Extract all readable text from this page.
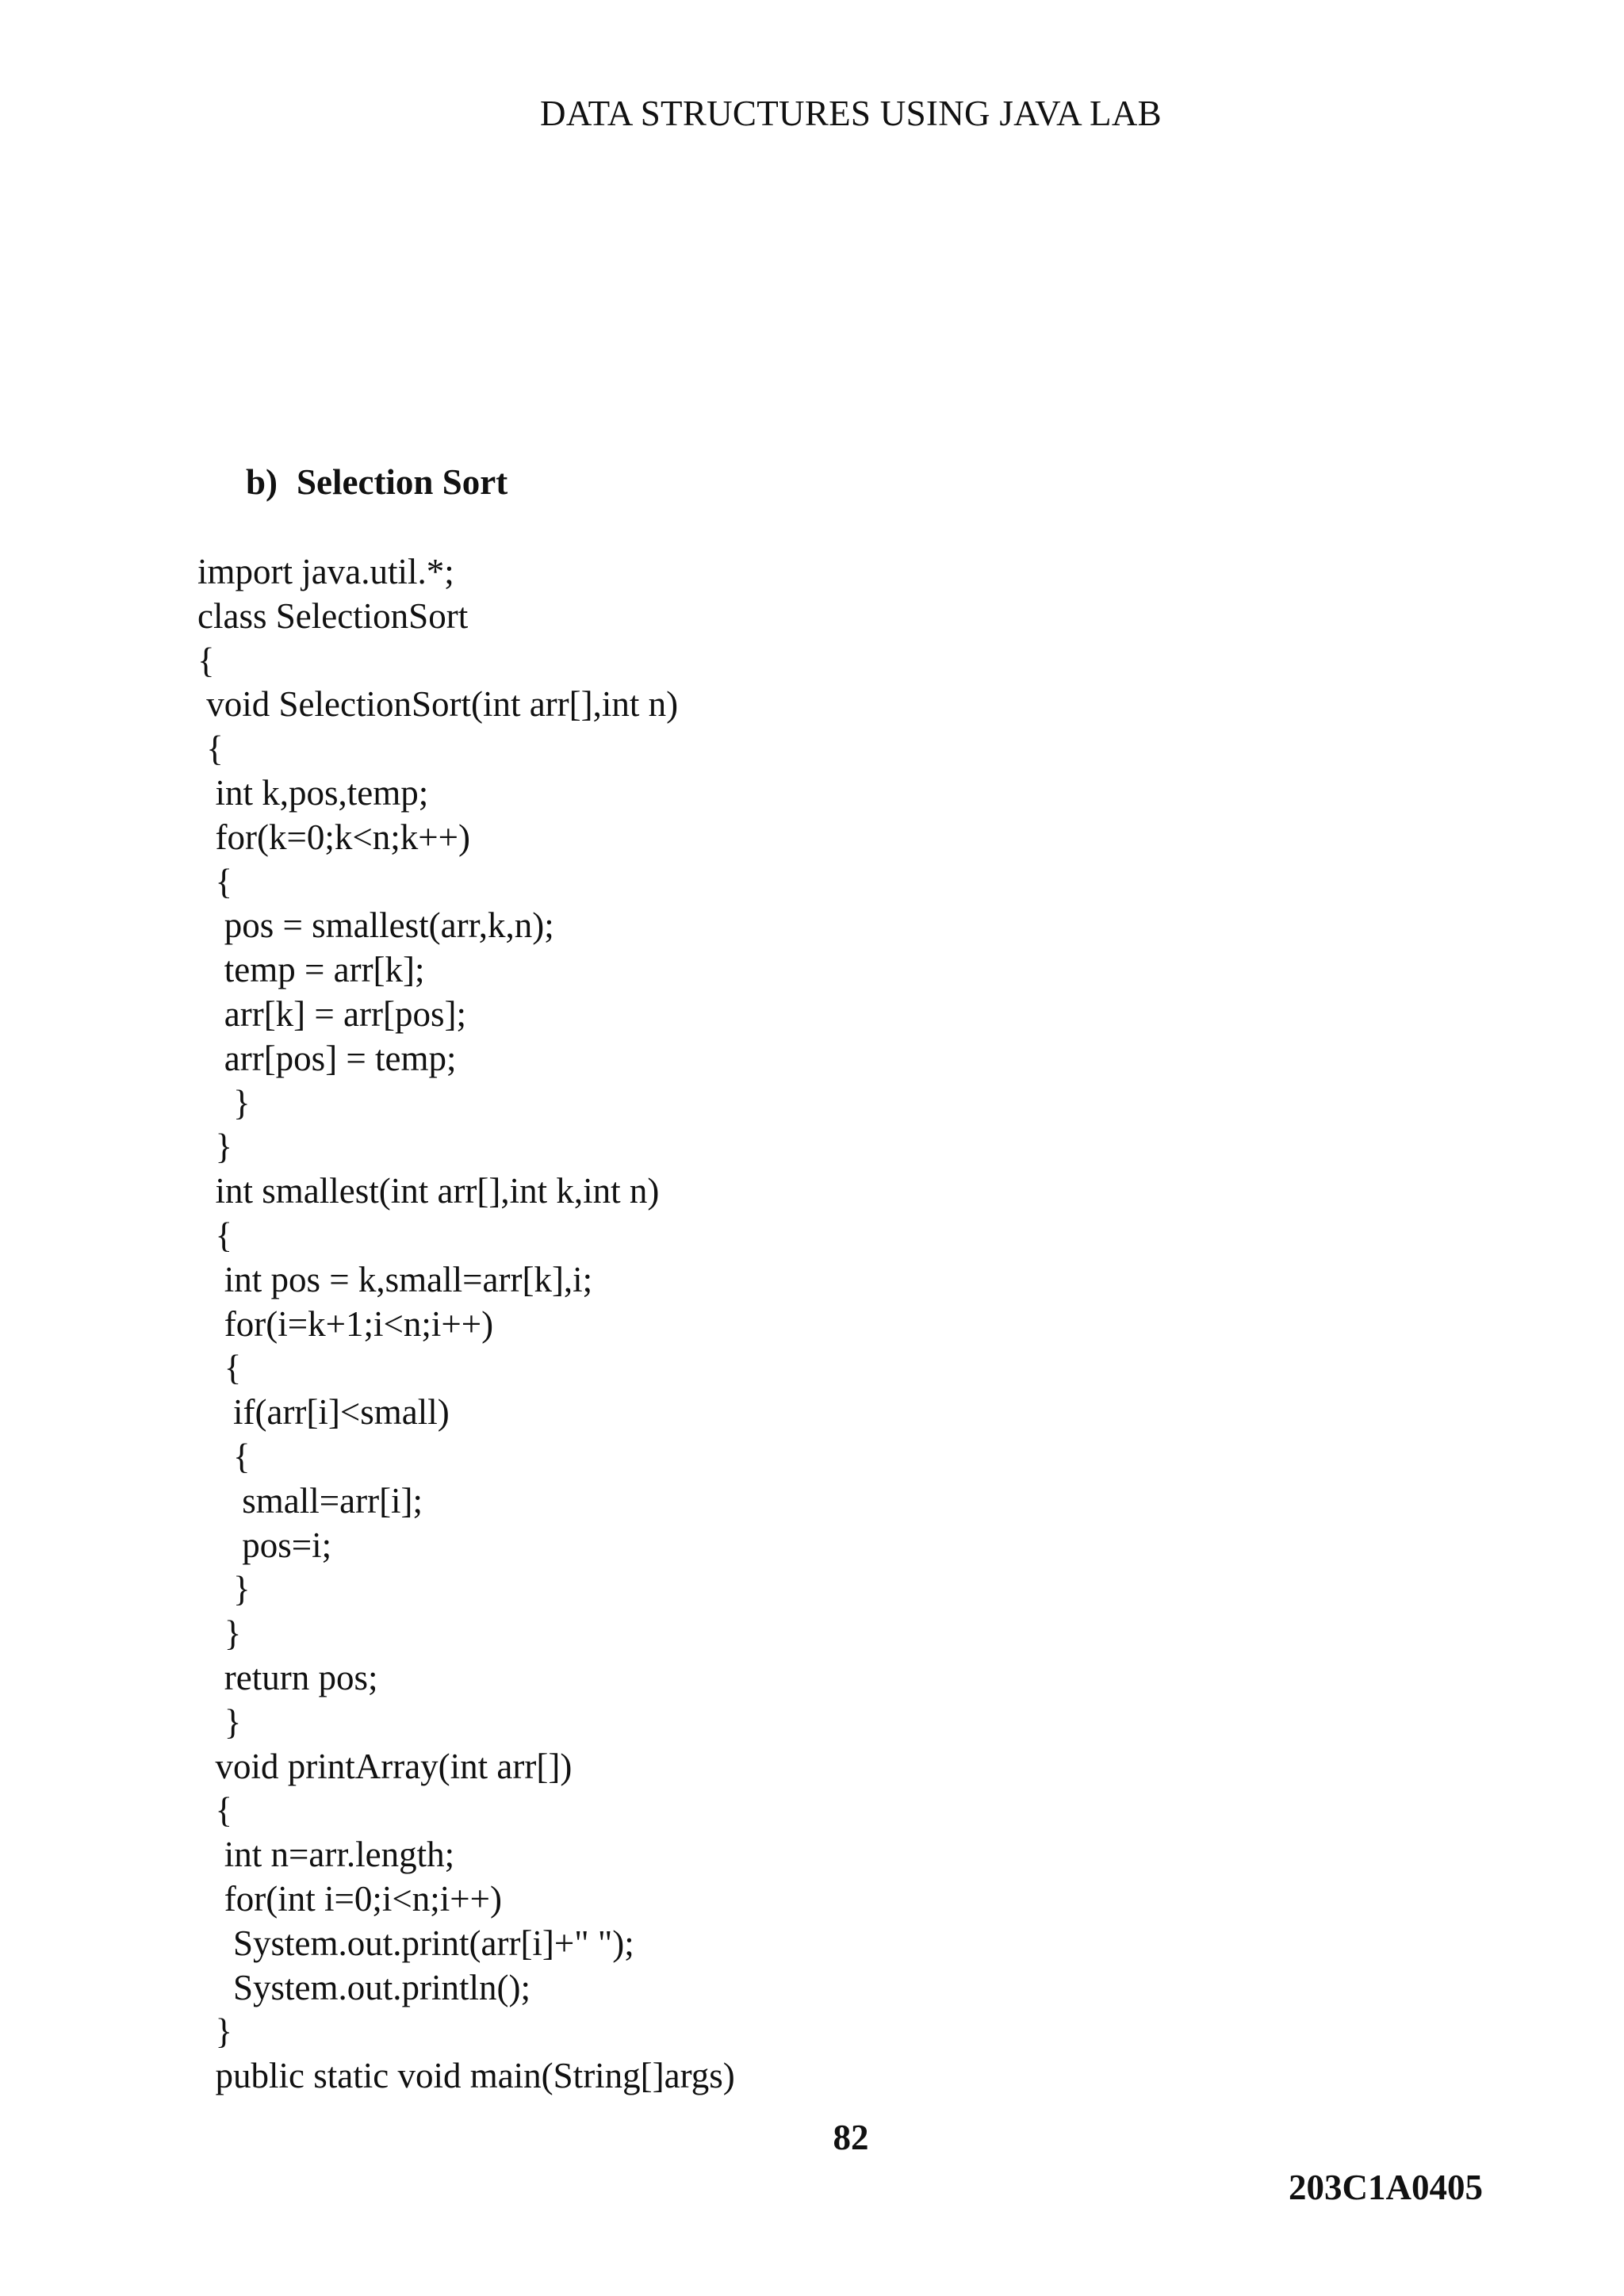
DATA STRUCTURES USING JAVA LAB
b) Selection Sort
import java.util.*;
class SelectionSort
{
void SelectionSort(int arr[],int n)
{
int k,pos,temp;
for(k=0;k<n;k++)
{
pos = smallest(arr,k,n);
temp = arr[k];
arr[k] = arr[pos];
arr[pos] = temp;
}
}
int smallest(int arr[],int k,int n)
{
int pos = k,small=arr[k],i;
for(i=k+1;i<n;i++)
{
if(arr[i]<small)
{
small=arr[i];
pos=i;
}
}
return pos;
}
void printArray(int arr[])
{
int n=arr.length;
for(int i=0;i<n;i++)
System.out.print(arr[i]+" ");
System.out.println();
}
public static void main(String[]args)
82
203C1A0405
